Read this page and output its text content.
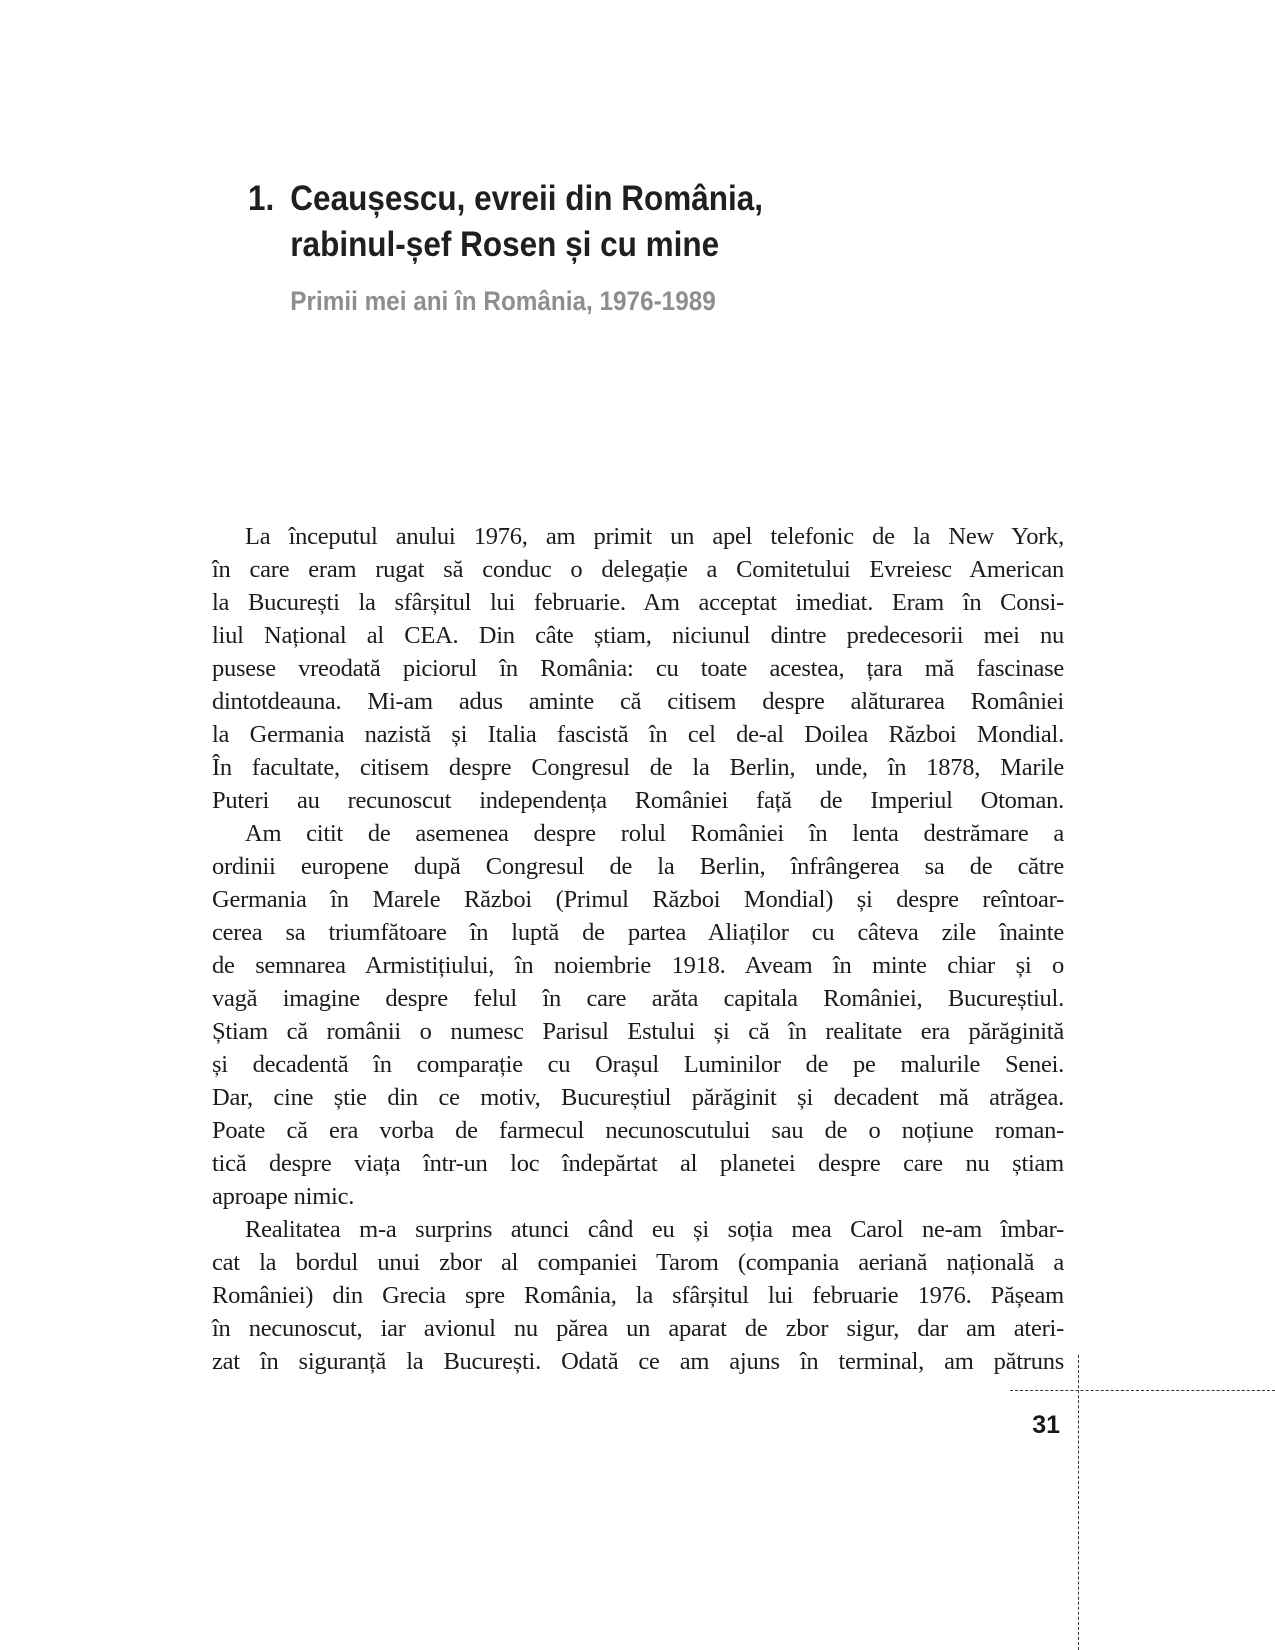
1. Ceaușescu, evreii din România,
rabinul-șef Rosen și cu mine
Primii mei ani în România, 1976-1989

La începutul anului 1976, am primit un apel telefonic de la New York,
în care eram rugat să conduc o delegație a Comitetului Evreiesc American
la București la sfârșitul lui februarie. Am acceptat imediat. Eram în Consi-
liul Național al CEA. Din câte știam, niciunul dintre predecesorii mei nu
pusese vreodată piciorul în România: cu toate acestea, țara mă fascinase
dintotdeauna. Mi-am adus aminte că citisem despre alăturarea României
la Germania nazistă și Italia fascistă în cel de-al Doilea Război Mondial.
În facultate, citisem despre Congresul de la Berlin, unde, în 1878, Marile
Puteri au recunoscut independența României față de Imperiul Otoman.

Am citit de asemenea despre rolul României în lenta destrămare a
ordinii europene după Congresul de la Berlin, înfrângerea sa de către
Germania în Marele Război (Primul Război Mondial) și despre reîntoar-
cerea sa triumfătoare în luptă de partea Aliaților cu câteva zile înainte
de semnarea Armistițiului, în noiembrie 1918. Aveam în minte chiar și o
vagă imagine despre felul în care arăta capitala României, Bucureștiul.
Știam că românii o numesc Parisul Estului și că în realitate era părăginită
și decadentă în comparație cu Orașul Luminilor de pe malurile Senei.
Dar, cine știe din ce motiv, Bucureștiul părăginit și decadent mă atrăgea.
Poate că era vorba de farmecul necunoscutului sau de o noțiune roman-
tică despre viața într-un loc îndepărtat al planetei despre care nu știam
aproape nimic.

Realitatea m-a surprins atunci când eu și soția mea Carol ne-am îmbar-
cat la bordul unui zbor al companiei Tarom (compania aeriană națională a
României) din Grecia spre România, la sfârșitul lui februarie 1976. Pășeam
în necunoscut, iar avionul nu părea un aparat de zbor sigur, dar am ateri-
zat în siguranță la București. Odată ce am ajuns în terminal, am pătruns

31
